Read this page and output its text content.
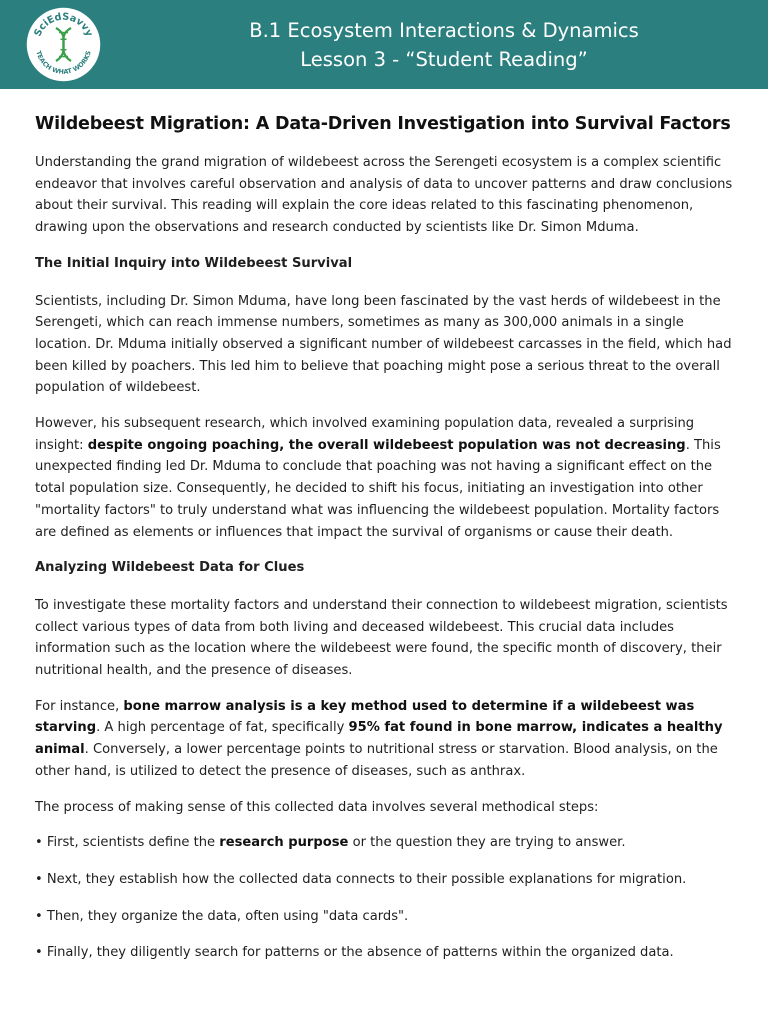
SciEdSavvy
TEACH WHAT WORKS
B.1 Ecosystem Interactions & Dynamics
Lesson 3 - “Student Reading”
Wildebeest Migration: A Data-Driven Investigation into Survival Factors

Understanding the grand migration of wildebeest across the Serengeti ecosystem is a complex scientific endeavor that involves careful observation and analysis of data to uncover patterns and draw conclusions about their survival. This reading will explain the core ideas related to this fascinating phenomenon, drawing upon the observations and research conducted by scientists like Dr. Simon Mduma.

The Initial Inquiry into Wildebeest Survival

Scientists, including Dr. Simon Mduma, have long been fascinated by the vast herds of wildebeest in the Serengeti, which can reach immense numbers, sometimes as many as 300,000 animals in a single location. Dr. Mduma initially observed a significant number of wildebeest carcasses in the field, which had been killed by poachers. This led him to believe that poaching might pose a serious threat to the overall population of wildebeest.

However, his subsequent research, which involved examining population data, revealed a surprising insight: despite ongoing poaching, the overall wildebeest population was not decreasing. This unexpected finding led Dr. Mduma to conclude that poaching was not having a significant effect on the total population size. Consequently, he decided to shift his focus, initiating an investigation into other "mortality factors" to truly understand what was influencing the wildebeest population. Mortality factors are defined as elements or influences that impact the survival of organisms or cause their death.

Analyzing Wildebeest Data for Clues

To investigate these mortality factors and understand their connection to wildebeest migration, scientists collect various types of data from both living and deceased wildebeest. This crucial data includes information such as the location where the wildebeest were found, the specific month of discovery, their nutritional health, and the presence of diseases.

For instance, bone marrow analysis is a key method used to determine if a wildebeest was starving. A high percentage of fat, specifically 95% fat found in bone marrow, indicates a healthy animal. Conversely, a lower percentage points to nutritional stress or starvation. Blood analysis, on the other hand, is utilized to detect the presence of diseases, such as anthrax.

The process of making sense of this collected data involves several methodical steps:

• First, scientists define the research purpose or the question they are trying to answer.

• Next, they establish how the collected data connects to their possible explanations for migration.

• Then, they organize the data, often using "data cards".

• Finally, they diligently search for patterns or the absence of patterns within the organized data.
